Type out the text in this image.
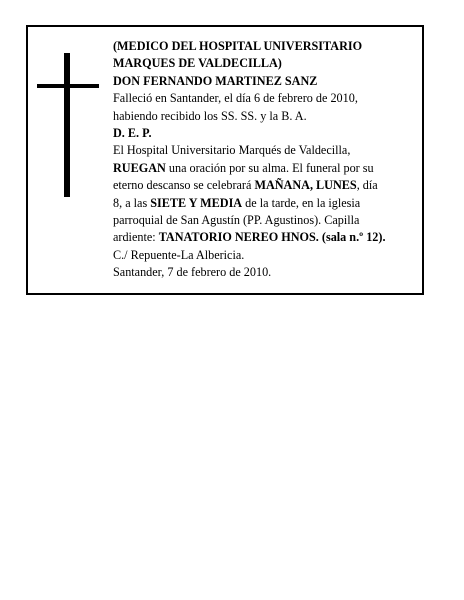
(MEDICO DEL HOSPITAL UNIVERSITARIO
MARQUES DE VALDECILLA)
DON FERNANDO MARTINEZ SANZ
Falleció en Santander, el día 6 de febrero de 2010,
habiendo recibido los SS. SS. y la B. A.
D. E. P.
El Hospital Universitario Marqués de Valdecilla,
RUEGAN una oración por su alma. El funeral por su
eterno descanso se celebrará MAÑANA, LUNES, día
8, a las SIETE Y MEDIA de la tarde, en la iglesia
parroquial de San Agustín (PP. Agustinos). Capilla
ardiente: TANATORIO NEREO HNOS. (sala n.º 12).
C./ Repuente-La Albericia.
Santander, 7 de febrero de 2010.
